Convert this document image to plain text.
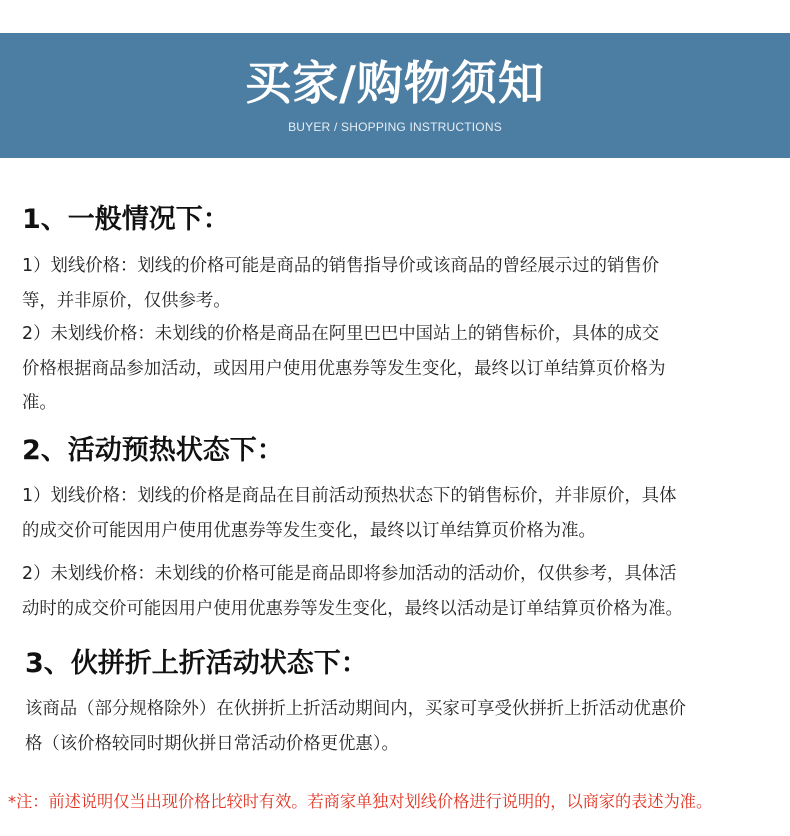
买家/购物须知
BUYER / SHOPPING INSTRUCTIONS
1、一般情况下：
1）划线价格：划线的价格可能是商品的销售指导价或该商品的曾经展示过的销售价
等，并非原价，仅供参考。
2）未划线价格：未划线的价格是商品在阿里巴巴中国站上的销售标价，具体的成交
价格根据商品参加活动，或因用户使用优惠券等发生变化，最终以订单结算页价格为
准。
2、活动预热状态下：
1）划线价格：划线的价格是商品在目前活动预热状态下的销售标价，并非原价，具体
的成交价可能因用户使用优惠券等发生变化，最终以订单结算页价格为准。
2）未划线价格：未划线的价格可能是商品即将参加活动的活动价，仅供参考，具体活
动时的成交价可能因用户使用优惠券等发生变化，最终以活动是订单结算页价格为准。
3、伙拼折上折活动状态下：
该商品（部分规格除外）在伙拼折上折活动期间内，买家可享受伙拼折上折活动优惠价
格（该价格较同时期伙拼日常活动价格更优惠）。
*注：前述说明仅当出现价格比较时有效。若商家单独对划线价格进行说明的，以商家的表述为准。
